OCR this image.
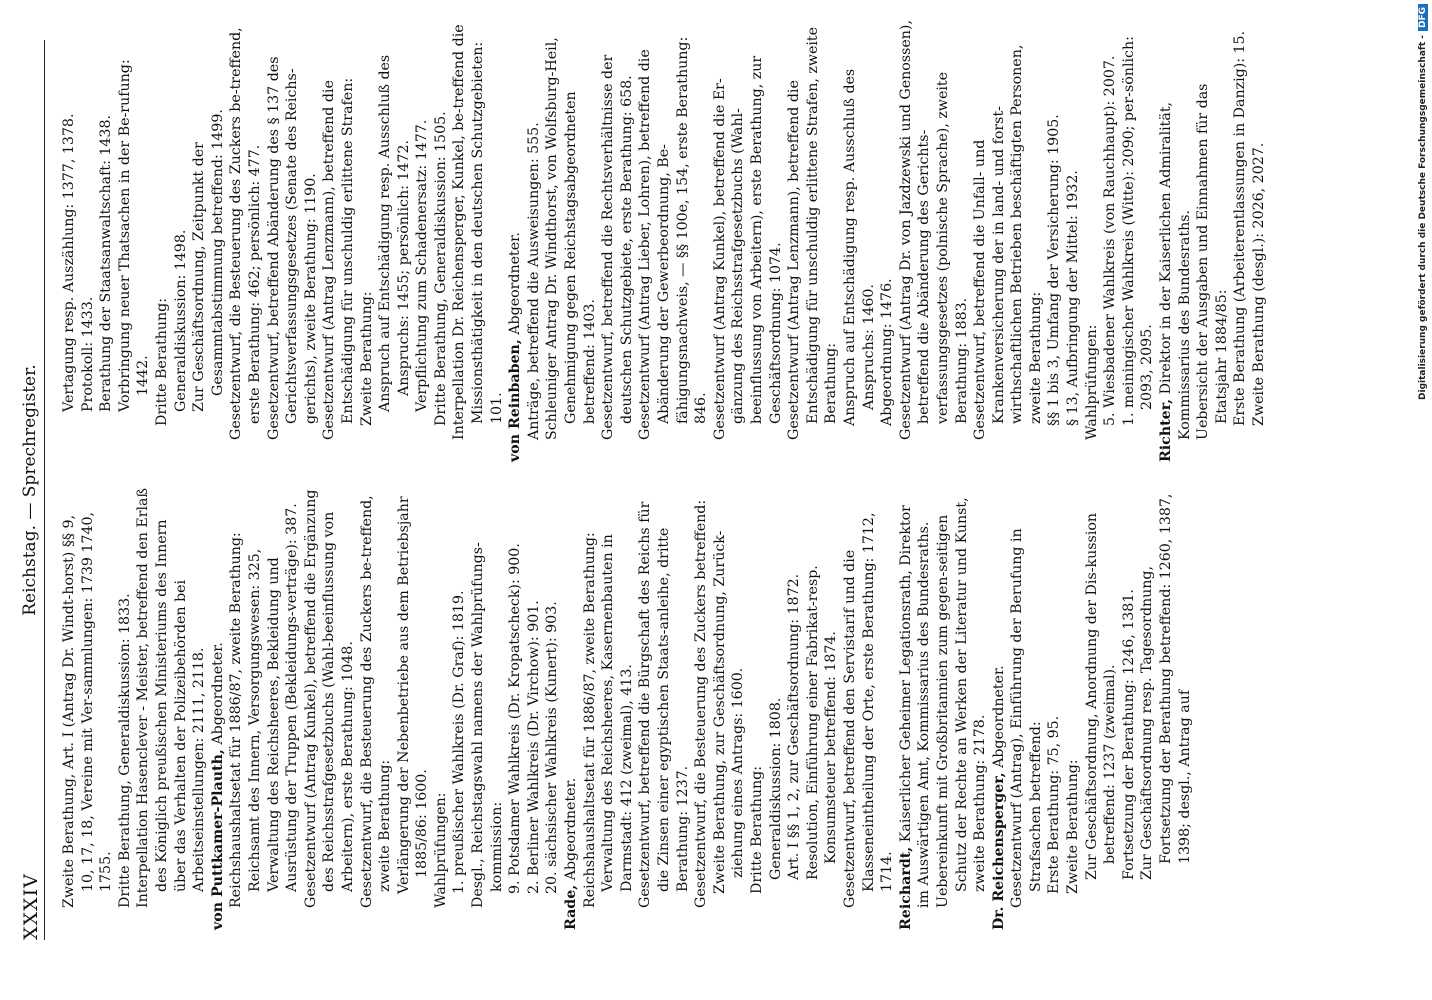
XXXIV
Reichstag. — Sprechregister.

Zweite Berathung, Art. I (Antrag Dr. Windt-horst) §§ 9, 10, 17, 18, Vereine mit Ver-sammlungen: 1739 1740, 1755. Dritte Berathung, Generaldiskussion: 1833. Interpellation Hasenclever - Meister, betreffend den Erlaß des Königlich preußischen Ministeriums des Innern über das Verhalten der Polizeibehörden bei Arbeitseinstellungen: 2111, 2118. von Puttkamer-Plauth, Abgeordneter. Reichshaushaltsetat für 1886/87, zweite Berathung: Reichsamt des Innern, Versorgungswesen: 325, Verwaltung des Reichsheeres, Bekleidung und Ausrüstung der Truppen (Bekleidungs-verträge): 387. Gesetzentwurf (Antrag Kunkel), betreffend die Ergänzung des Reichsstrafgesetzbuchs (Wahl-beeinflussung von Arbeitern), erste Berathung: 1048. Gesetzentwurf, die Besteuerung des Zuckers be-treffend, zweite Berathung: Verlängerung der Nebenbetriebe aus dem Betriebsjahr 1885/86: 1600. Wahlprüfungen: 1. preußischer Wahlkreis (Dr. Graf): 1819. Desgl., Reichstagswahl namens der Wahlprüfungs-kommission: 9. Potsdamer Wahlkreis (Dr. Kropatscheck): 900. 2. Berliner Wahlkreis (Dr. Virchow): 901. 20. sächsischer Wahlkreis (Kunert): 903.

Rade, Abgeordneter. Reichshaushaltsetat für 1886/87, zweite Berathung: Verwaltung des Reichsheeres, Kasernenbauten in Darmstadt: 412 (zweimal), 413. Gesetzentwurf, betreffend die Bürgschaft des Reichs für die Zinsen einer egyptischen Staats-anleihe, dritte Berathung: 1237. Gesetzentwurf, die Besteuerung des Zuckers betreffend: Zweite Berathung, zur Geschäftsordnung, Zurück-ziehung eines Antrags: 1600. Dritte Berathung: Generaldiskussion: 1808. Art. I §§ 1, 2, zur Geschäftsordnung: 1872. Resolution, Einführung einer Fabrikat-resp. Konsumsteuer betreffend: 1874. Gesetzentwurf, betreffend den Servistarif und die Klasseneintheilung der Orte, erste Berathung: 1712, 1714. Reichardt, Kaiserlicher Geheimer Legationsrath, Direktor im Auswärtigen Amt, Kommissarius des Bundesraths. Uebereinkunft mit Großbritannien zum gegen-seitigen Schutz der Rechte an Werken der Literatur und Kunst, zweite Berathung: 2178. Dr. Reichensperger, Abgeordneter. Gesetzentwurf (Antrag), Einführung der Berufung in Strafsachen betreffend: Erste Berathung: 75, 95. Zweite Berathung: Zur Geschäftsordnung, Anordnung der Dis-kussion betreffend: 1237 (zweimal). Fortsetzung der Berathung: 1246, 1381. Zur Geschäftsordnung resp. Tagesordnung, Fortsetzung der Berathung betreffend: 1260, 1387, 1398; desgl., Antrag auf

Vertagung resp. Auszählung: 1377, 1378. Protokoll: 1433. Berathung der Staatsanwaltschaft: 1438. Vorbringung neuer Thatsachen in der Be-rufung: 1442. Dritte Berathung: Generaldiskussion: 1498. Zur Geschäftsordnung, Zeitpunkt der Gesammtabstimmung betreffend: 1499. Gesetzentwurf, die Besteuerung des Zuckers be-treffend, erste Berathung: 462; persönlich: 477. Gesetzentwurf, betreffend Abänderung des § 137 des Gerichtsverfassungsgesetzes (Senate des Reichs-gerichts), zweite Berathung: 1190. Gesetzentwurf (Antrag Lenzmann), betreffend die Entschädigung für unschuldig erlittene Strafen: Zweite Berathung: Anspruch auf Entschädigung resp. Ausschluß des Anspruchs: 1455; persönlich: 1472. Verpflichtung zum Schadenersatz: 1477. Dritte Berathung, Generaldiskussion: 1505. Interpellation Dr. Reichensperger, Kunkel, be-treffend die Missionsthätigkeit in den deutschen Schutzgebieten: 101. von Reinbaben, Abgeordneter. Anträge, betreffend die Ausweisungen: 555. Schleuniger Antrag Dr. Windthorst, von Wolfsburg-Heil, Genehmigung gegen Reichstagsabgeordneten betreffend: 1403. Gesetzentwurf, betreffend die Rechtsverhältnisse der deutschen Schutzgebiete, erste Berathung: 658. Gesetzentwurf (Antrag Lieber, Lohren), betreffend die Abänderung der Gewerbeordnung, Be-fähigungsnachweis, — §§ 100e, 154, erste Berathung: 846. Gesetzentwurf (Antrag Kunkel), betreffend die Er-gänzung des Reichsstrafgesetzbuchs (Wahl-beeinflussung von Arbeitern), erste Berathung, zur Geschäftsordnung: 1074. Gesetzentwurf (Antrag Lenzmann), betreffend die Entschädigung für unschuldig erlittene Strafen, zweite Berathung: Anspruch auf Entschädigung resp. Ausschluß des Anspruchs: 1460. Abgeordnung: 1476. Gesetzentwurf (Antrag Dr. von Jazdzewski und Genossen), betreffend die Abänderung des Gerichts-verfassungsgesetzes (polnische Sprache), zweite Berathung: 1883. Gesetzentwurf, betreffend die Unfall- und Krankenversicherung der in land- und forst-wirthschaftlichen Betrieben beschäftigten Personen, zweite Berathung: §§ 1 bis 3, Umfang der Versicherung: 1905. § 13, Aufbringung der Mittel: 1932. Wahlprüfungen: 5. Wiesbadener Wahlkreis (von Rauchhaupt): 2007. 1. meiningischer Wahlkreis (Witte): 2090; per-sönlich: 2093, 2095.

Richter, Direktor in der Kaiserlichen Admiralität, Kommissarius des Bundesraths. Uebersicht der Ausgaben und Einnahmen für das Etatsjahr 1884/85: Erste Berathung (Arbeiterentlassungen in Danzig): 15. Zweite Berathung (desgl.): 2026, 2027.	Digitalisierung gefördert durch die Deutsche Forschungsgemeinschaft -DFG
